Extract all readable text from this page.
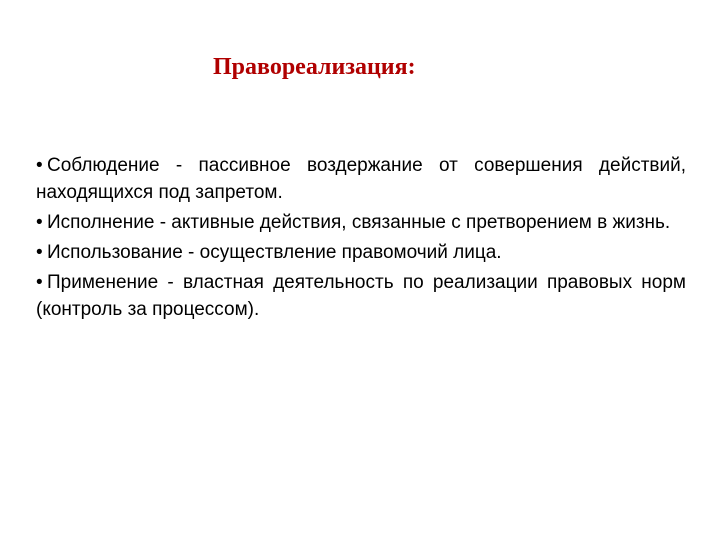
Правореализация:
• Соблюдение - пассивное воздержание от совершения действий, находящихся под запретом.
• Исполнение - активные действия, связанные с претворением в жизнь.
• Использование - осуществление правомочий лица.
• Применение - властная деятельность по реализации правовых норм (контроль за процессом).
